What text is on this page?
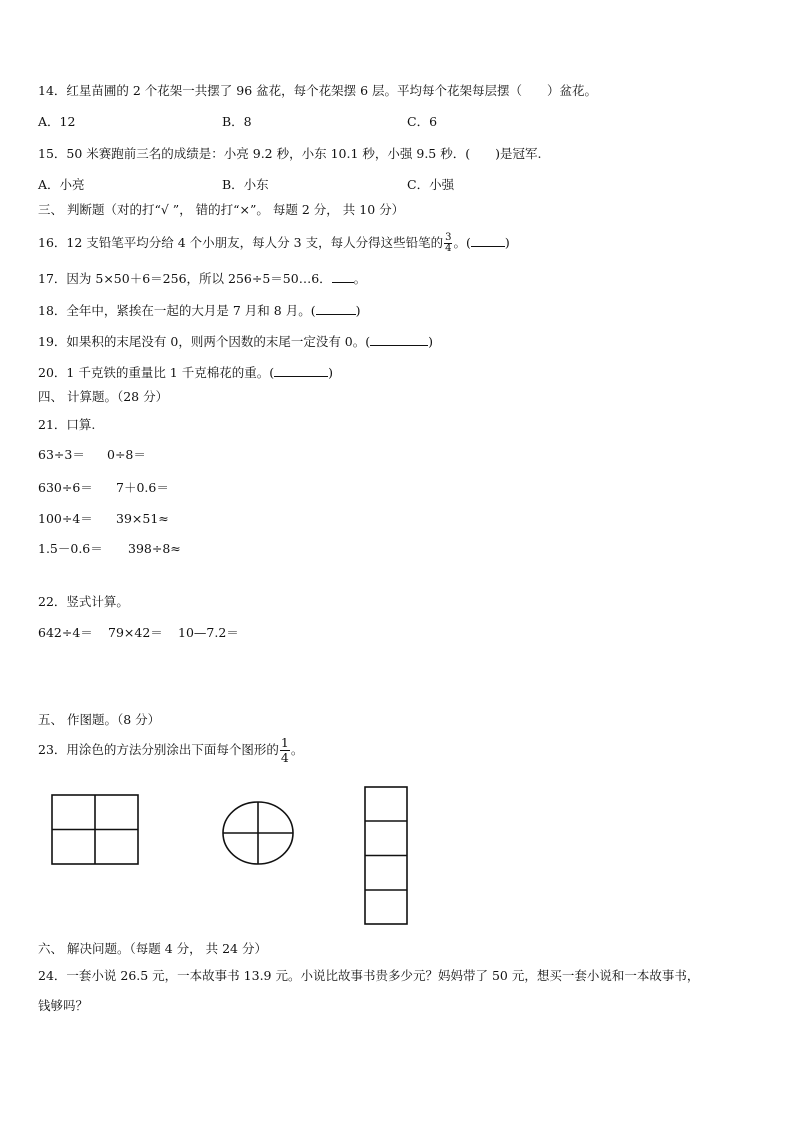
14．红星苗圃的 2 个花架一共摆了 96 盆花，每个花架摆 6 层。平均每个花架每层摆（　　）盆花。
A．12	B．8	C．6
15．50 米赛跑前三名的成绩是：小亮 9.2 秒，小东 10.1 秒，小强 9.5 秒．(　　)是冠军.
A．小亮	B．小东	C．小强
三、 判断题（对的打“√ ”， 错的打“×”。 每题 2 分， 共 10 分）
16．12 支铅笔平均分给 4 个小朋友，每人分 3 支，每人分得这些铅笔的 $\frac{3}{4}$ 。(	)
17．因为 5×50＋6＝256，所以 256÷5＝50…6． 。
18．全年中，紧挨在一起的大月是 7 月和 8 月。(	)
19．如果积的末尾没有 0，则两个因数的末尾一定没有 0。(	)
20．1 千克铁的重量比 1 千克棉花的重。(	)
四、 计算题。（28 分）
21．口算.
63÷3＝ 0÷8＝
630÷6＝ 7＋0.6＝
100÷4＝ 39×51≈
1.5－0.6＝ 398÷8≈
22．竖式计算。
642÷4＝ 79×42＝ 10—7.2＝
五、 作图题。（8 分）
23．用涂色的方法分别涂出下面每个图形的 $\frac{1}{4}$ 。
六、 解决问题。（每题 4 分， 共 24 分）
24．一套小说 26.5 元，一本故事书 13.9 元。小说比故事书贵多少元？妈妈带了 50 元，想买一套小说和一本故事书，
钱够吗？
